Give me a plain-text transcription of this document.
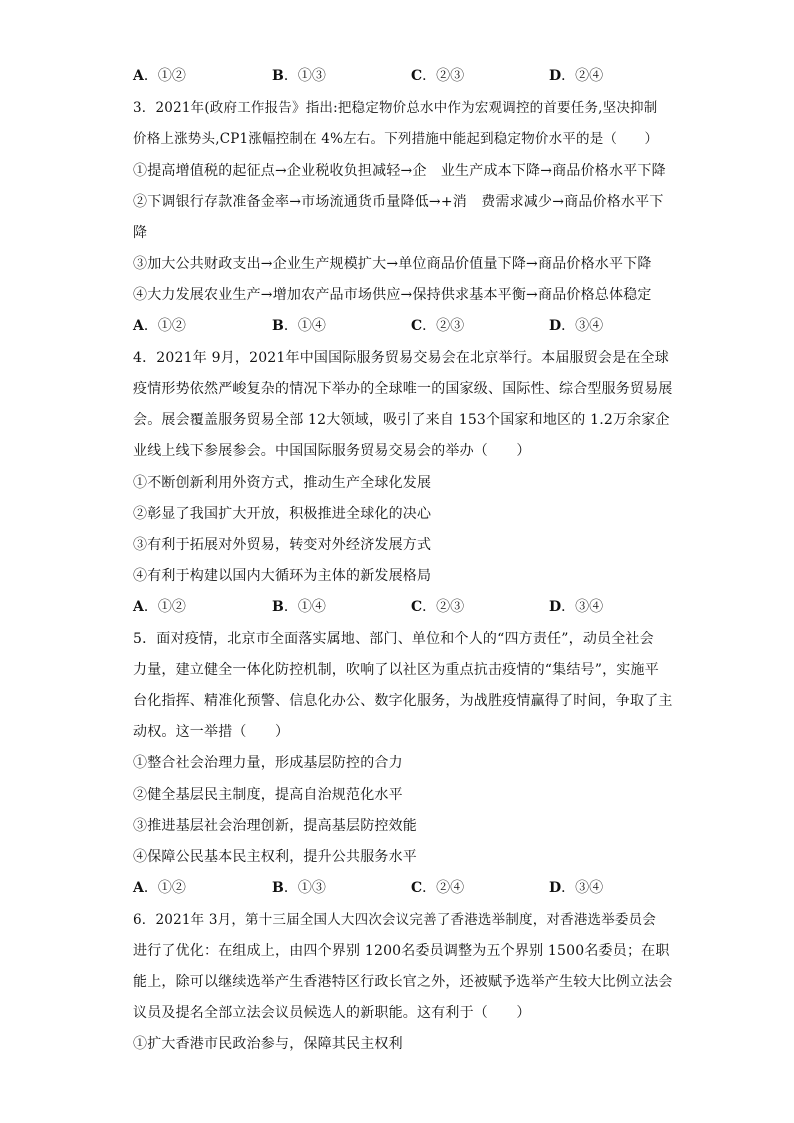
A．①②	B．①③	C．②③	D．②④
3．2021年(政府工作报告》指出:把稳定物价总水中作为宏观调控的首要任务,坚决抑制
价格上涨势头,CP1涨幅控制在 4%左右。下列措施中能起到稳定物价水平的是（　　）
①提高增值税的起征点→企业税收负担减轻→企　业生产成本下降→商品价格水平下降
②下调银行存款准备金率→市场流通货币量降低→+消　费需求减少→商品价格水平下
降
③加大公共财政支出→企业生产规模扩大→单位商品价值量下降→商品价格水平下降
④大力发展农业生产→增加农产品市场供应→保持供求基本平衡→商品价格总体稳定
A．①②	B．①④	C．②③	D．③④
4．2021年 9月，2021年中国国际服务贸易交易会在北京举行。本届服贸会是在全球
疫情形势依然严峻复杂的情况下举办的全球唯一的国家级、国际性、综合型服务贸易展
会。展会覆盖服务贸易全部 12大领域，吸引了来自 153个国家和地区的 1.2万余家企
业线上线下参展参会。中国国际服务贸易交易会的举办（　　）
①不断创新利用外资方式，推动生产全球化发展
②彰显了我国扩大开放，积极推进全球化的决心
③有利于拓展对外贸易，转变对外经济发展方式
④有利于构建以国内大循环为主体的新发展格局
A．①②	B．①④	C．②③	D．③④
5．面对疫情，北京市全面落实属地、部门、单位和个人的“四方责任”，动员全社会
力量，建立健全一体化防控机制，吹响了以社区为重点抗击疫情的“集结号”，实施平
台化指挥、精准化预警、信息化办公、数字化服务，为战胜疫情赢得了时间，争取了主
动权。这一举措（　　）
①整合社会治理力量，形成基层防控的合力
②健全基层民主制度，提高自治规范化水平
③推进基层社会治理创新，提高基层防控效能
④保障公民基本民主权利，提升公共服务水平
A．①②	B．①③	C．②④	D．③④
6．2021年 3月，第十三届全国人大四次会议完善了香港选举制度，对香港选举委员会
进行了优化：在组成上，由四个界别 1200名委员调整为五个界别 1500名委员；在职
能上，除可以继续选举产生香港特区行政长官之外，还被赋予选举产生较大比例立法会
议员及提名全部立法会议员候选人的新职能。这有利于（　　）
①扩大香港市民政治参与，保障其民主权利
